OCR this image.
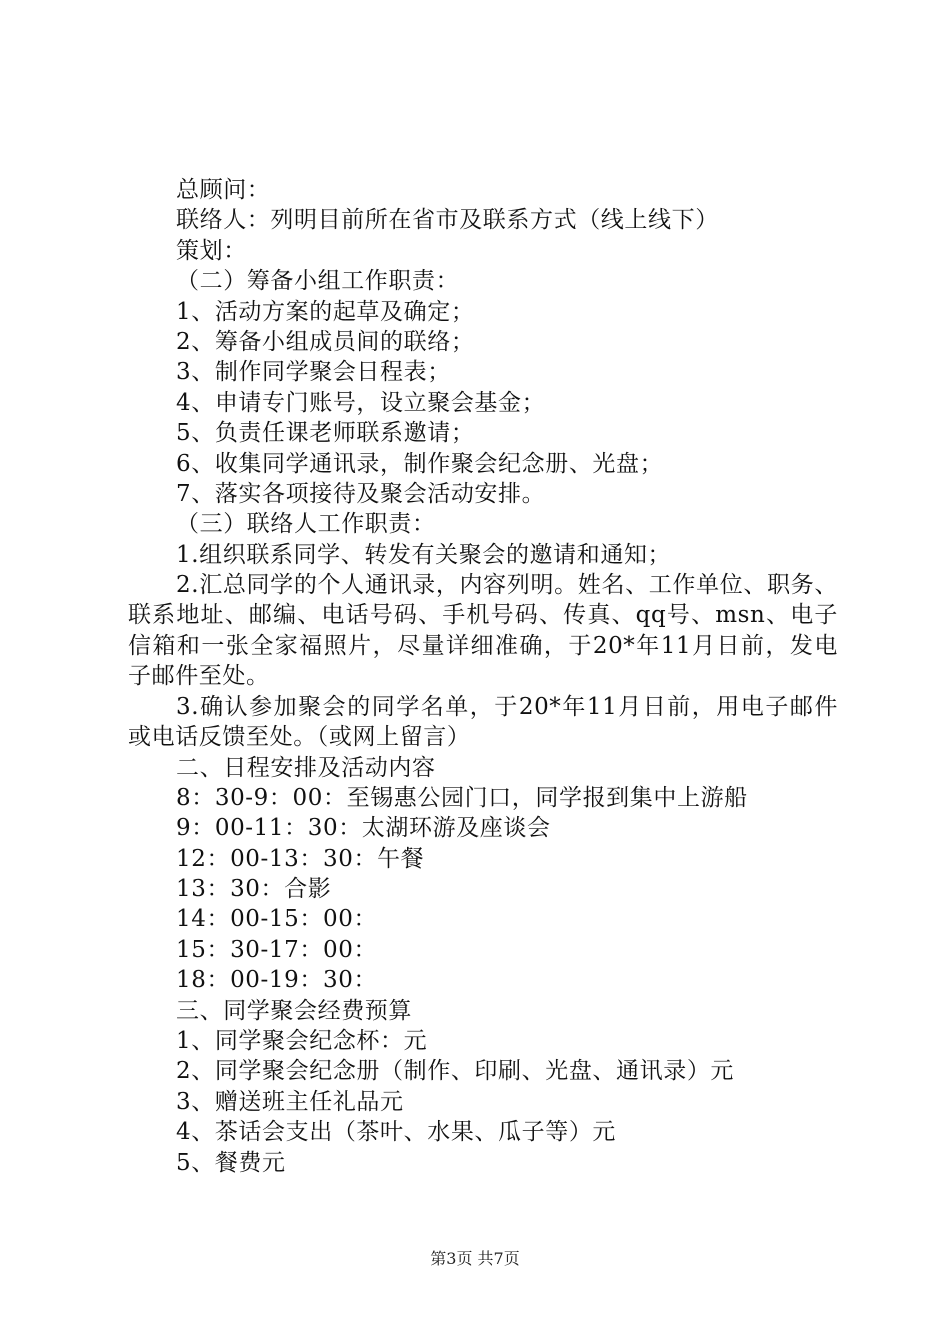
总顾问：
联络人：列明目前所在省市及联系方式（线上线下）
策划：
（二）筹备小组工作职责：
1、活动方案的起草及确定；
2、筹备小组成员间的联络；
3、制作同学聚会日程表；
4、申请专门账号，设立聚会基金；
5、负责任课老师联系邀请；
6、收集同学通讯录，制作聚会纪念册、光盘；
7、落实各项接待及聚会活动安排。
（三）联络人工作职责：
1.组织联系同学、转发有关聚会的邀请和通知；
2.汇总同学的个人通讯录，内容列明。姓名、工作单位、职务、联系地址、邮编、电话号码、手机号码、传真、qq号、msn、电子信箱和一张全家福照片，尽量详细准确，于20*年11月日前，发电子邮件至处。
3.确认参加聚会的同学名单，于20*年11月日前，用电子邮件或电话反馈至处。（或网上留言）
二、日程安排及活动内容
8：30-9：00：至锡惠公园门口，同学报到集中上游船
9：00-11：30：太湖环游及座谈会
12：00-13：30：午餐
13：30：合影
14：00-15：00：
15：30-17：00：
18：00-19：30：
三、同学聚会经费预算
1、同学聚会纪念杯：元
2、同学聚会纪念册（制作、印刷、光盘、通讯录）元
3、赠送班主任礼品元
4、茶话会支出（茶叶、水果、瓜子等）元
5、餐费元
第3页 共7页
